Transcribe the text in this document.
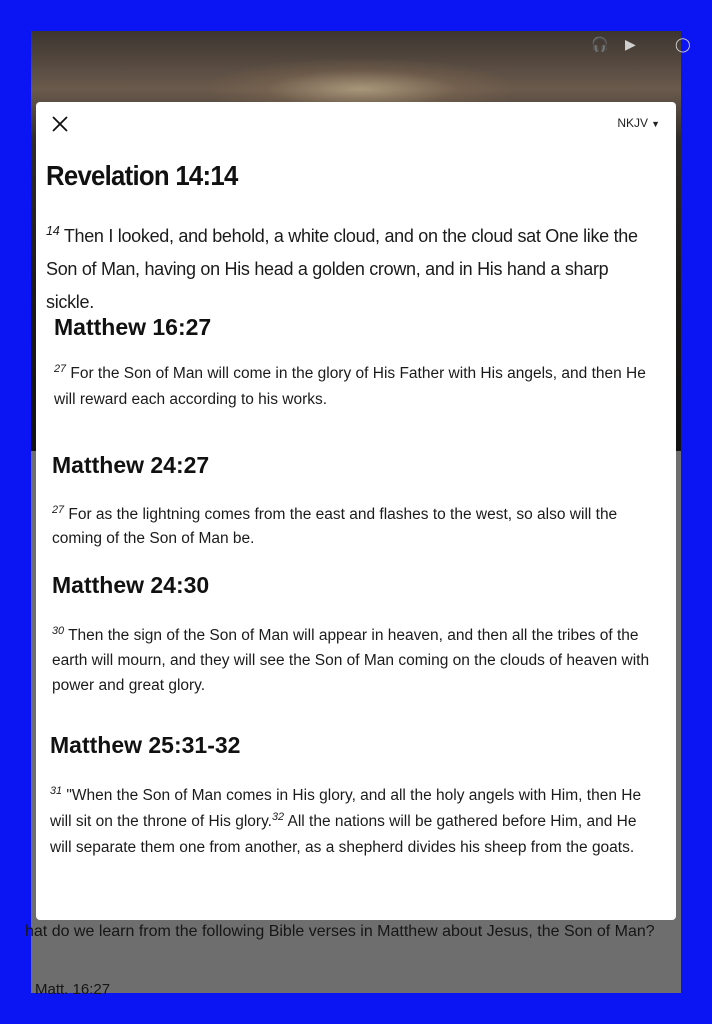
🎧 ▶	◯
hat do we learn from the following Bible verses in Matthew about Jesus, the Son of Man?
Matt. 16:27
NKJV ▼
Revelation 14:14

$^{14}$ Then I looked, and behold, a white cloud, and on the cloud sat One like the Son of Man, having on His head a golden crown, and in His hand a sharp sickle.

Matthew 16:27

$^{27}$ For the Son of Man will come in the glory of His Father with His angels, and then He will reward each according to his works.

Matthew 24:27

$^{27}$ For as the lightning comes from the east and flashes to the west, so also will the coming of the Son of Man be.

Matthew 24:30

$^{30}$ Then the sign of the Son of Man will appear in heaven, and then all the tribes of the earth will mourn, and they will see the Son of Man coming on the clouds of heaven with power and great glory.

Matthew 25:31-32

$^{31}$ "When the Son of Man comes in His glory, and all the holy angels with Him, then He will sit on the throne of His glory.$^{32}$ All the nations will be gathered before Him, and He will separate them one from another, as a shepherd divides his sheep from the goats.
